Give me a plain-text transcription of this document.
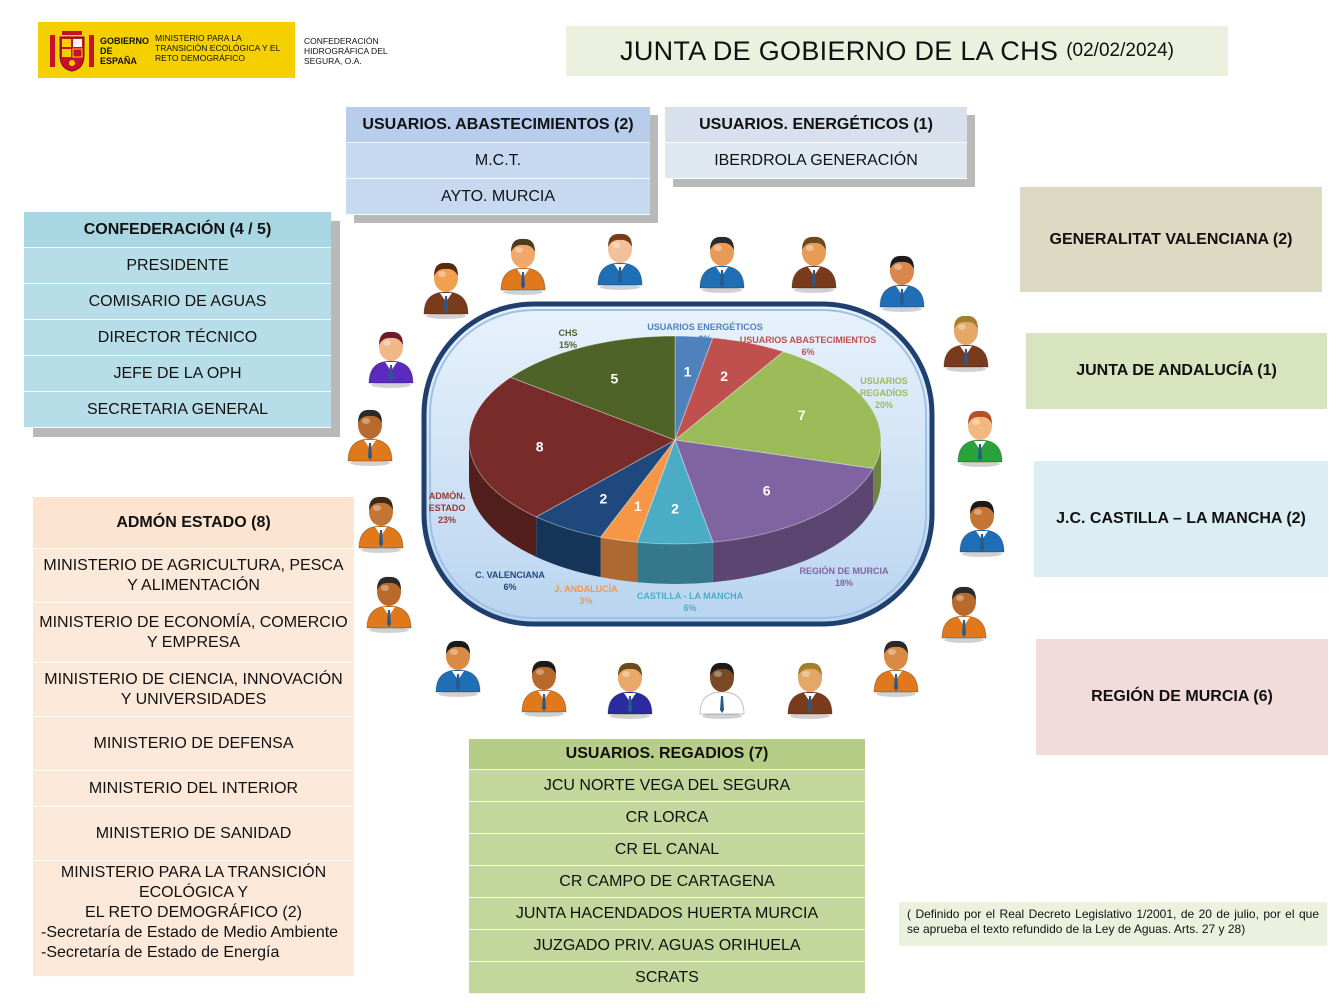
GOBIERNO DE ESPAÑA
MINISTERIO PARA LA TRANSICIÓN ECOLÓGICA Y EL RETO DEMOGRÁFICO
CONFEDERACIÓN HIDROGRÁFICA DEL SEGURA, O.A.	JUNTA DE GOBIERNO DE LA CHS (02/02/2024)
USUARIOS. ABASTECIMIENTOS (2)
M.C.T.
AYTO. MURCIA
USUARIOS. ENERGÉTICOS (1)
IBERDROLA GENERACIÓN
CONFEDERACIÓN (4 / 5)
PRESIDENTE
COMISARIO DE AGUAS
DIRECTOR TÉCNICO
JEFE DE LA OPH
SECRETARIA GENERAL
ADMÓN ESTADO (8)
MINISTERIO DE AGRICULTURA, PESCA Y ALIMENTACIÓN
MINISTERIO DE ECONOMÍA, COMERCIO Y EMPRESA
MINISTERIO DE CIENCIA, INNOVACIÓN Y UNIVERSIDADES
MINISTERIO DE DEFENSA
MINISTERIO DEL INTERIOR
MINISTERIO DE SANIDAD
MINISTERIO PARA LA TRANSICIÓN ECOLÓGICA Y
EL RETO DEMOGRÁFICO (2)
-Secretaría de Estado de Medio Ambiente
-Secretaría de Estado de Energía
USUARIOS. REGADIOS (7)
JCU NORTE VEGA DEL SEGURA
CR LORCA
CR EL CANAL
CR CAMPO DE CARTAGENA
JUNTA HACENDADOS HUERTA MURCIA
JUZGADO PRIV. AGUAS ORIHUELA
SCRATS
GENERALITAT VALENCIANA (2)
JUNTA DE ANDALUCÍA (1)
J.C. CASTILLA – LA MANCHA (2)
REGIÓN DE MURCIA (6)
( Definido por el Real Decreto Legislativo 1/2001, de 20 de julio, por el que se aprueba el texto refundido de la Ley de Aguas. Arts. 27 y 28)
1 2
7
6
2
1
2
8
5
USUARIOS ENERGÉTICOS 3%	USUARIOS ABASTECIMIENTOS 6%
USUARIOS REGADÍOS 20%
REGIÓN DE MURCIA 18%
CASTILLA - LA MANCHA 6%
J. ANDALUCÍA 3%
C. VALENCIANA 6%
ADMÓN. ESTADO 23%
CHS 15%
